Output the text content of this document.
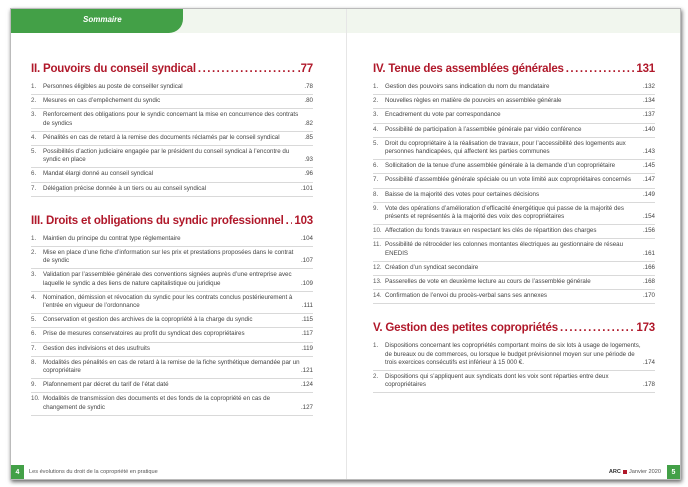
Sommaire
II. Pouvoirs du conseil syndical .....	.77
1.	Personnes éligibles au poste de conseiller syndical	.78
2.	Mesures en cas d’empêchement du syndic	.80
3.	Renforcement des obligations pour le syndic concernant la mise en concurrence des contrats de syndics	.82
4.	Pénalités en cas de retard à la remise des documents réclamés par le conseil syndical	.85
5.	Possibilités d’action judiciaire engagée par le président du conseil syndical à l’encontre du syndic en place	.93
6.	Mandat élargi donné au conseil syndical	.96
7.	Délégation précise donnée à un tiers ou au conseil syndical	.101
III. Droits et obligations du syndic professionnel ..... 103
1.	Maintien du principe du contrat type réglementaire	.104
2.	Mise en place d’une fiche d’information sur les prix et prestations proposées dans le contrat de syndic	.107
3.	Validation par l’assemblée générale des conventions signées auprès d’une entreprise avec laquelle le syndic a des liens de nature capitalistique ou juridique	.109
4.	Nomination, démission et révocation du syndic pour les contrats conclus postérieurement à l’entrée en vigueur de l’ordonnance	.111
5.	Conservation et gestion des archives de la copropriété à la charge du syndic	.115
6.	Prise de mesures conservatoires au profit du syndicat des copropriétaires	.117
7.	Gestion des indivisions et des usufruits	.119
8.	Modalités des pénalités en cas de retard à la remise de la fiche synthétique demandée par un copropriétaire	.121
9.	Plafonnement par décret du tarif de l’état daté	.124
10. Modalités de transmission des documents et des fonds de la copropriété en cas de changement de syndic	.127
IV. Tenue des assemblées générales .....	131
1.	Gestion des pouvoirs sans indication du nom du mandataire	.132
2.	Nouvelles règles en matière de pouvoirs en assemblée générale	.134
3.	Encadrement du vote par correspondance	.137
4.	Possibilité de participation à l’assemblée générale par vidéo conférence	.140
5.	Droit du copropriétaire à la réalisation de travaux, pour l’accessibilité des logements aux personnes handicapées, qui affectent les parties communes	.143
6.	Sollicitation de la tenue d’une assemblée générale à la demande d’un copropriétaire	.145
7.	Possibilité d’assemblée générale spéciale ou un vote limité aux copropriétaires concernés	.147
8.	Baisse de la majorité des votes pour certaines décisions	.149
9.	Vote des opérations d’amélioration d’efficacité énergétique qui passe de la majorité des présents et représentés à la majorité des voix des copropriétaires	.154
10. Affectation du fonds travaux en respectant les clés de répartition des charges	.156
11. Possibilité de rétrocéder les colonnes montantes électriques au gestionnaire de réseau ENEDIS	.161
12. Création d’un syndicat secondaire	.166
13. Passerelles de vote en deuxième lecture au cours de l’assemblée générale	.168
14. Confirmation de l’envoi du procès-verbal sans ses annexes	.170
V. Gestion des petites copropriétés .....	173
1.	Dispositions concernant les copropriétés comportant moins de six lots à usage de logements, de bureaux ou de commerces, ou lorsque le budget prévisionnel moyen sur une période de trois exercices consécutifs est inférieur à 15 000 €.	.174
2.	Dispositions qui s’appliquent aux syndicats dont les voix sont réparties entre deux copropriétaires	.178
4	Les évolutions du droit de la copropriété en pratique	ARC Janvier 2020	5
